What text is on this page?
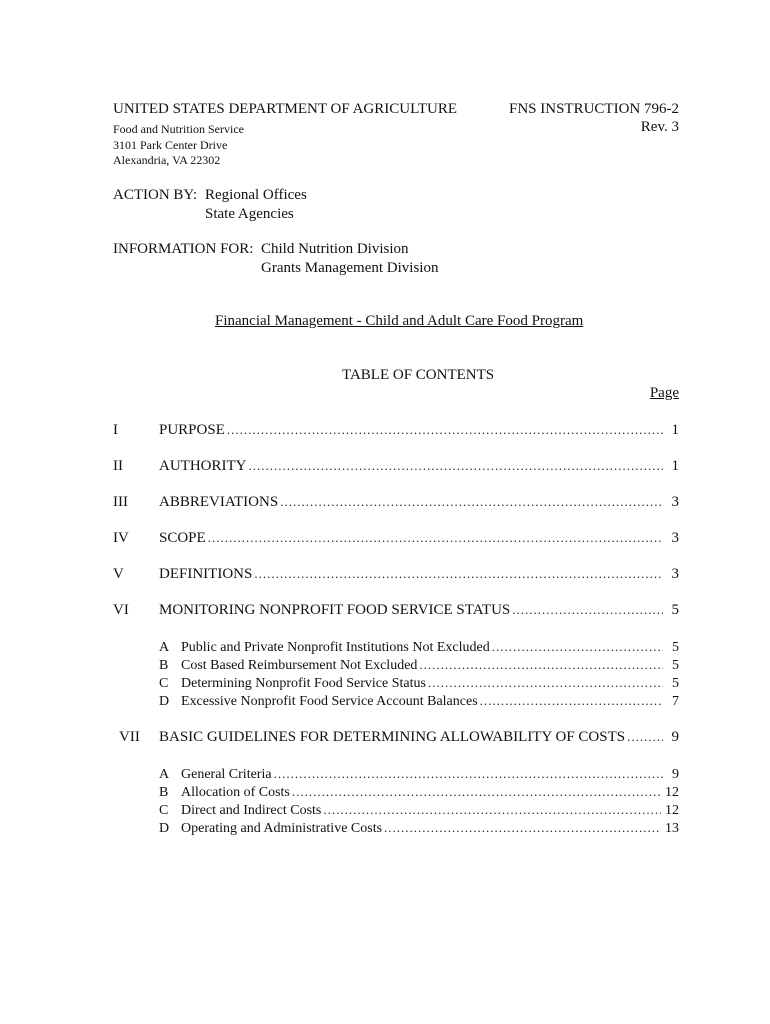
UNITED STATES DEPARTMENT OF AGRICULTURE	FNS INSTRUCTION 796-2
Rev. 3
Food and Nutrition Service
3101 Park Center Drive
Alexandria, VA 22302
ACTION BY: Regional Offices
State Agencies
INFORMATION FOR: Child Nutrition Division
Grants Management Division
Financial Management - Child and Adult Care Food Program
TABLE OF CONTENTS
Page
I	PURPOSE .....	1
II AUTHORITY .....	1
III ABBREVIATIONS .....	3
IV SCOPE .....	3
V DEFINITIONS .....	3
VI MONITORING NONPROFIT FOOD SERVICE STATUS .....	5
A Public and Private Nonprofit Institutions Not Excluded .....	5
B Cost Based Reimbursement Not Excluded .....	5
C Determining Nonprofit Food Service Status .....	5
D Excessive Nonprofit Food Service Account Balances .....	7
VII BASIC GUIDELINES FOR DETERMINING ALLOWABILITY OF COSTS .....	9
A General Criteria .....	9
B Allocation of Costs .....	12
C Direct and Indirect Costs .....	12
D Operating and Administrative Costs .....	13
